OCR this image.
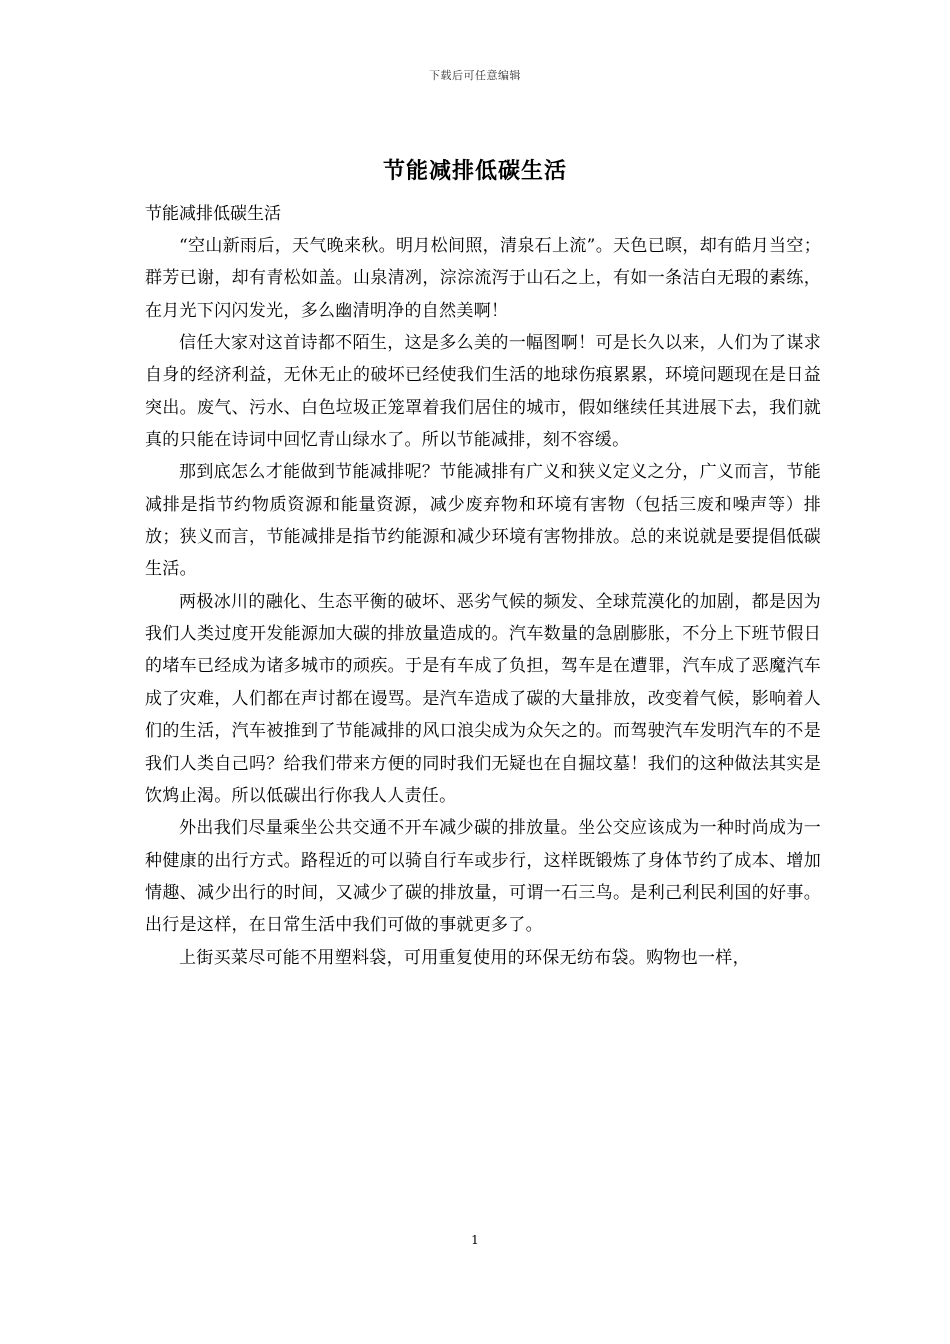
下载后可任意编辑
节能减排低碳生活
节能减排低碳生活

“空山新雨后，天气晚来秋。明月松间照，清泉石上流”。天色已暝，却有皓月当空；群芳已谢，却有青松如盖。山泉清冽，淙淙流泻于山石之上，有如一条洁白无瑕的素练，在月光下闪闪发光，多么幽清明净的自然美啊！

信任大家对这首诗都不陌生，这是多么美的一幅图啊！可是长久以来，人们为了谋求自身的经济利益，无休无止的破坏已经使我们生活的地球伤痕累累，环境问题现在是日益突出。废气、污水、白色垃圾正笼罩着我们居住的城市，假如继续任其进展下去，我们就真的只能在诗词中回忆青山绿水了。所以节能减排，刻不容缓。

那到底怎么才能做到节能减排呢？节能减排有广义和狭义定义之分，广义而言，节能减排是指节约物质资源和能量资源，减少废弃物和环境有害物（包括三废和噪声等）排放；狭义而言，节能减排是指节约能源和减少环境有害物排放。总的来说就是要提倡低碳生活。

两极冰川的融化、生态平衡的破坏、恶劣气候的频发、全球荒漠化的加剧，都是因为我们人类过度开发能源加大碳的排放量造成的。汽车数量的急剧膨胀，不分上下班节假日的堵车已经成为诸多城市的顽疾。于是有车成了负担，驾车是在遭罪，汽车成了恶魔汽车成了灾难，人们都在声讨都在谩骂。是汽车造成了碳的大量排放，改变着气候，影响着人们的生活，汽车被推到了节能减排的风口浪尖成为众矢之的。而驾驶汽车发明汽车的不是我们人类自己吗？给我们带来方便的同时我们无疑也在自掘坟墓！我们的这种做法其实是饮鸩止渴。所以低碳出行你我人人责任。

外出我们尽量乘坐公共交通不开车减少碳的排放量。坐公交应该成为一种时尚成为一种健康的出行方式。路程近的可以骑自行车或步行，这样既锻炼了身体节约了成本、增加情趣、减少出行的时间，又减少了碳的排放量，可谓一石三鸟。是利己利民利国的好事。出行是这样，在日常生活中我们可做的事就更多了。

上街买菜尽可能不用塑料袋，可用重复使用的环保无纺布袋。购物也一样，

1
